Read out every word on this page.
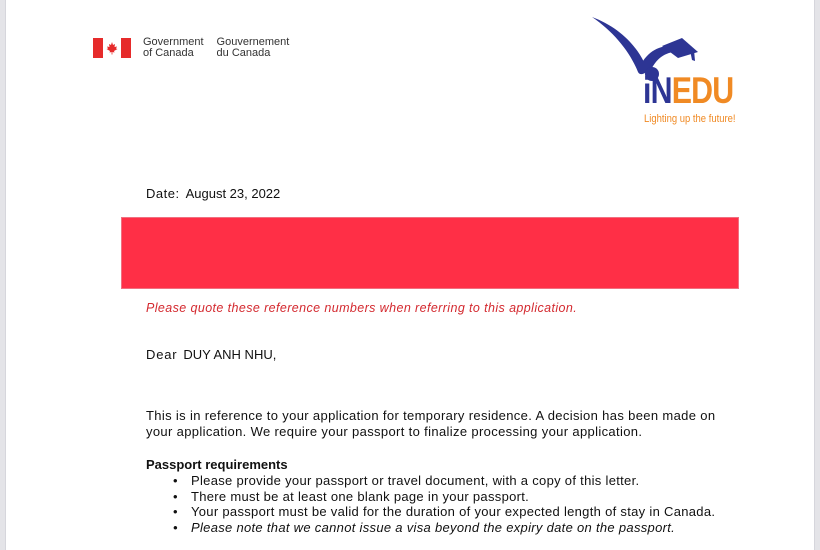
Government
of Canada
Gouvernement
du Canada
iNEDU
Lighting up the future!
Date: August 23, 2022
Please quote these reference numbers when referring to this application.
Dear DUY ANH NHU,
This is in reference to your application for temporary residence. A decision has been made on your application. We require your passport to finalize processing your application.
Passport requirements
• Please provide your passport or travel document, with a copy of this letter.
• There must be at least one blank page in your passport.
• Your passport must be valid for the duration of your expected length of stay in Canada.
• Please note that we cannot issue a visa beyond the expiry date on the passport.
